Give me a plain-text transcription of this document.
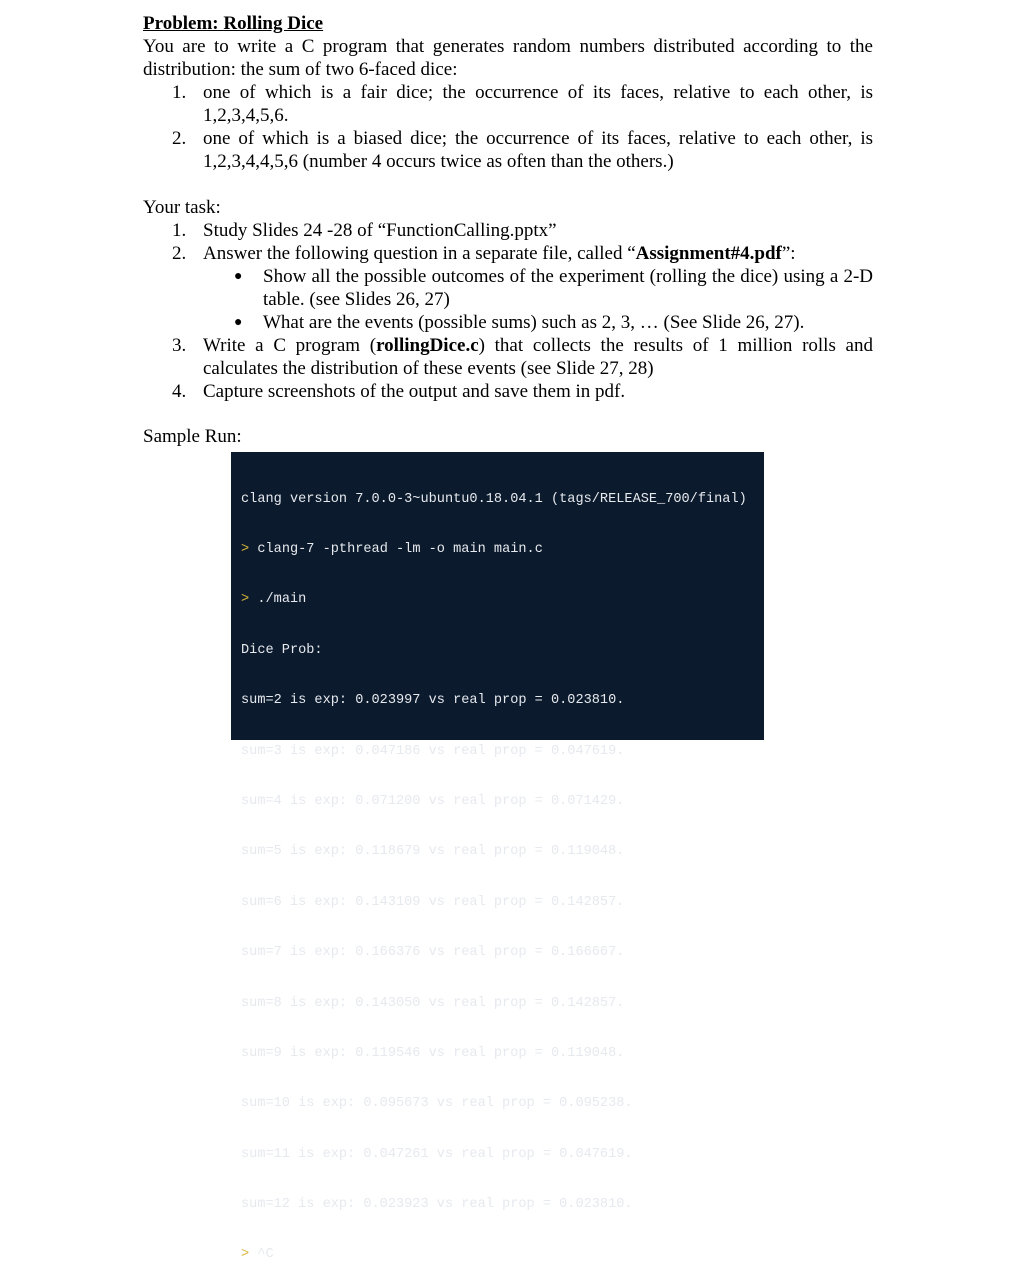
Problem: Rolling Dice

You are to write a C program that generates random numbers distributed according to the distribution: the sum of two 6-faced dice:

1. one of which is a fair dice; the occurrence of its faces, relative to each other, is 1,2,3,4,5,6.
2. one of which is a biased dice; the occurrence of its faces, relative to each other, is 1,2,3,4,4,5,6 (number 4 occurs twice as often than the others.)

Your task:

1. Study Slides 24 -28 of “FunctionCalling.pptx”
2. Answer the following question in a separate file, called “Assignment#4.pdf”:
● Show all the possible outcomes of the experiment (rolling the dice) using a 2-D table. (see Slides 26, 27)
● What are the events (possible sums) such as 2, 3, … (See Slide 26, 27).
3. Write a C program (rollingDice.c) that collects the results of 1 million rolls and calculates the distribution of these events (see Slide 27, 28)
4. Capture screenshots of the output and save them in pdf.

Sample Run:

clang version 7.0.0-3~ubuntu0.18.04.1 (tags/RELEASE_700/final)

> clang-7 -pthread -lm -o main main.c

> ./main

Dice Prob:

sum=2 is exp: 0.023997 vs real prop = 0.023810.

sum=3 is exp: 0.047186 vs real prop = 0.047619.

sum=4 is exp: 0.071200 vs real prop = 0.071429.

sum=5 is exp: 0.118679 vs real prop = 0.119048.

sum=6 is exp: 0.143109 vs real prop = 0.142857.

sum=7 is exp: 0.166376 vs real prop = 0.166667.

sum=8 is exp: 0.143050 vs real prop = 0.142857.

sum=9 is exp: 0.119546 vs real prop = 0.119048.

sum=10 is exp: 0.095673 vs real prop = 0.095238.

sum=11 is exp: 0.047261 vs real prop = 0.047619.

sum=12 is exp: 0.023923 vs real prop = 0.023810.

> ^C
